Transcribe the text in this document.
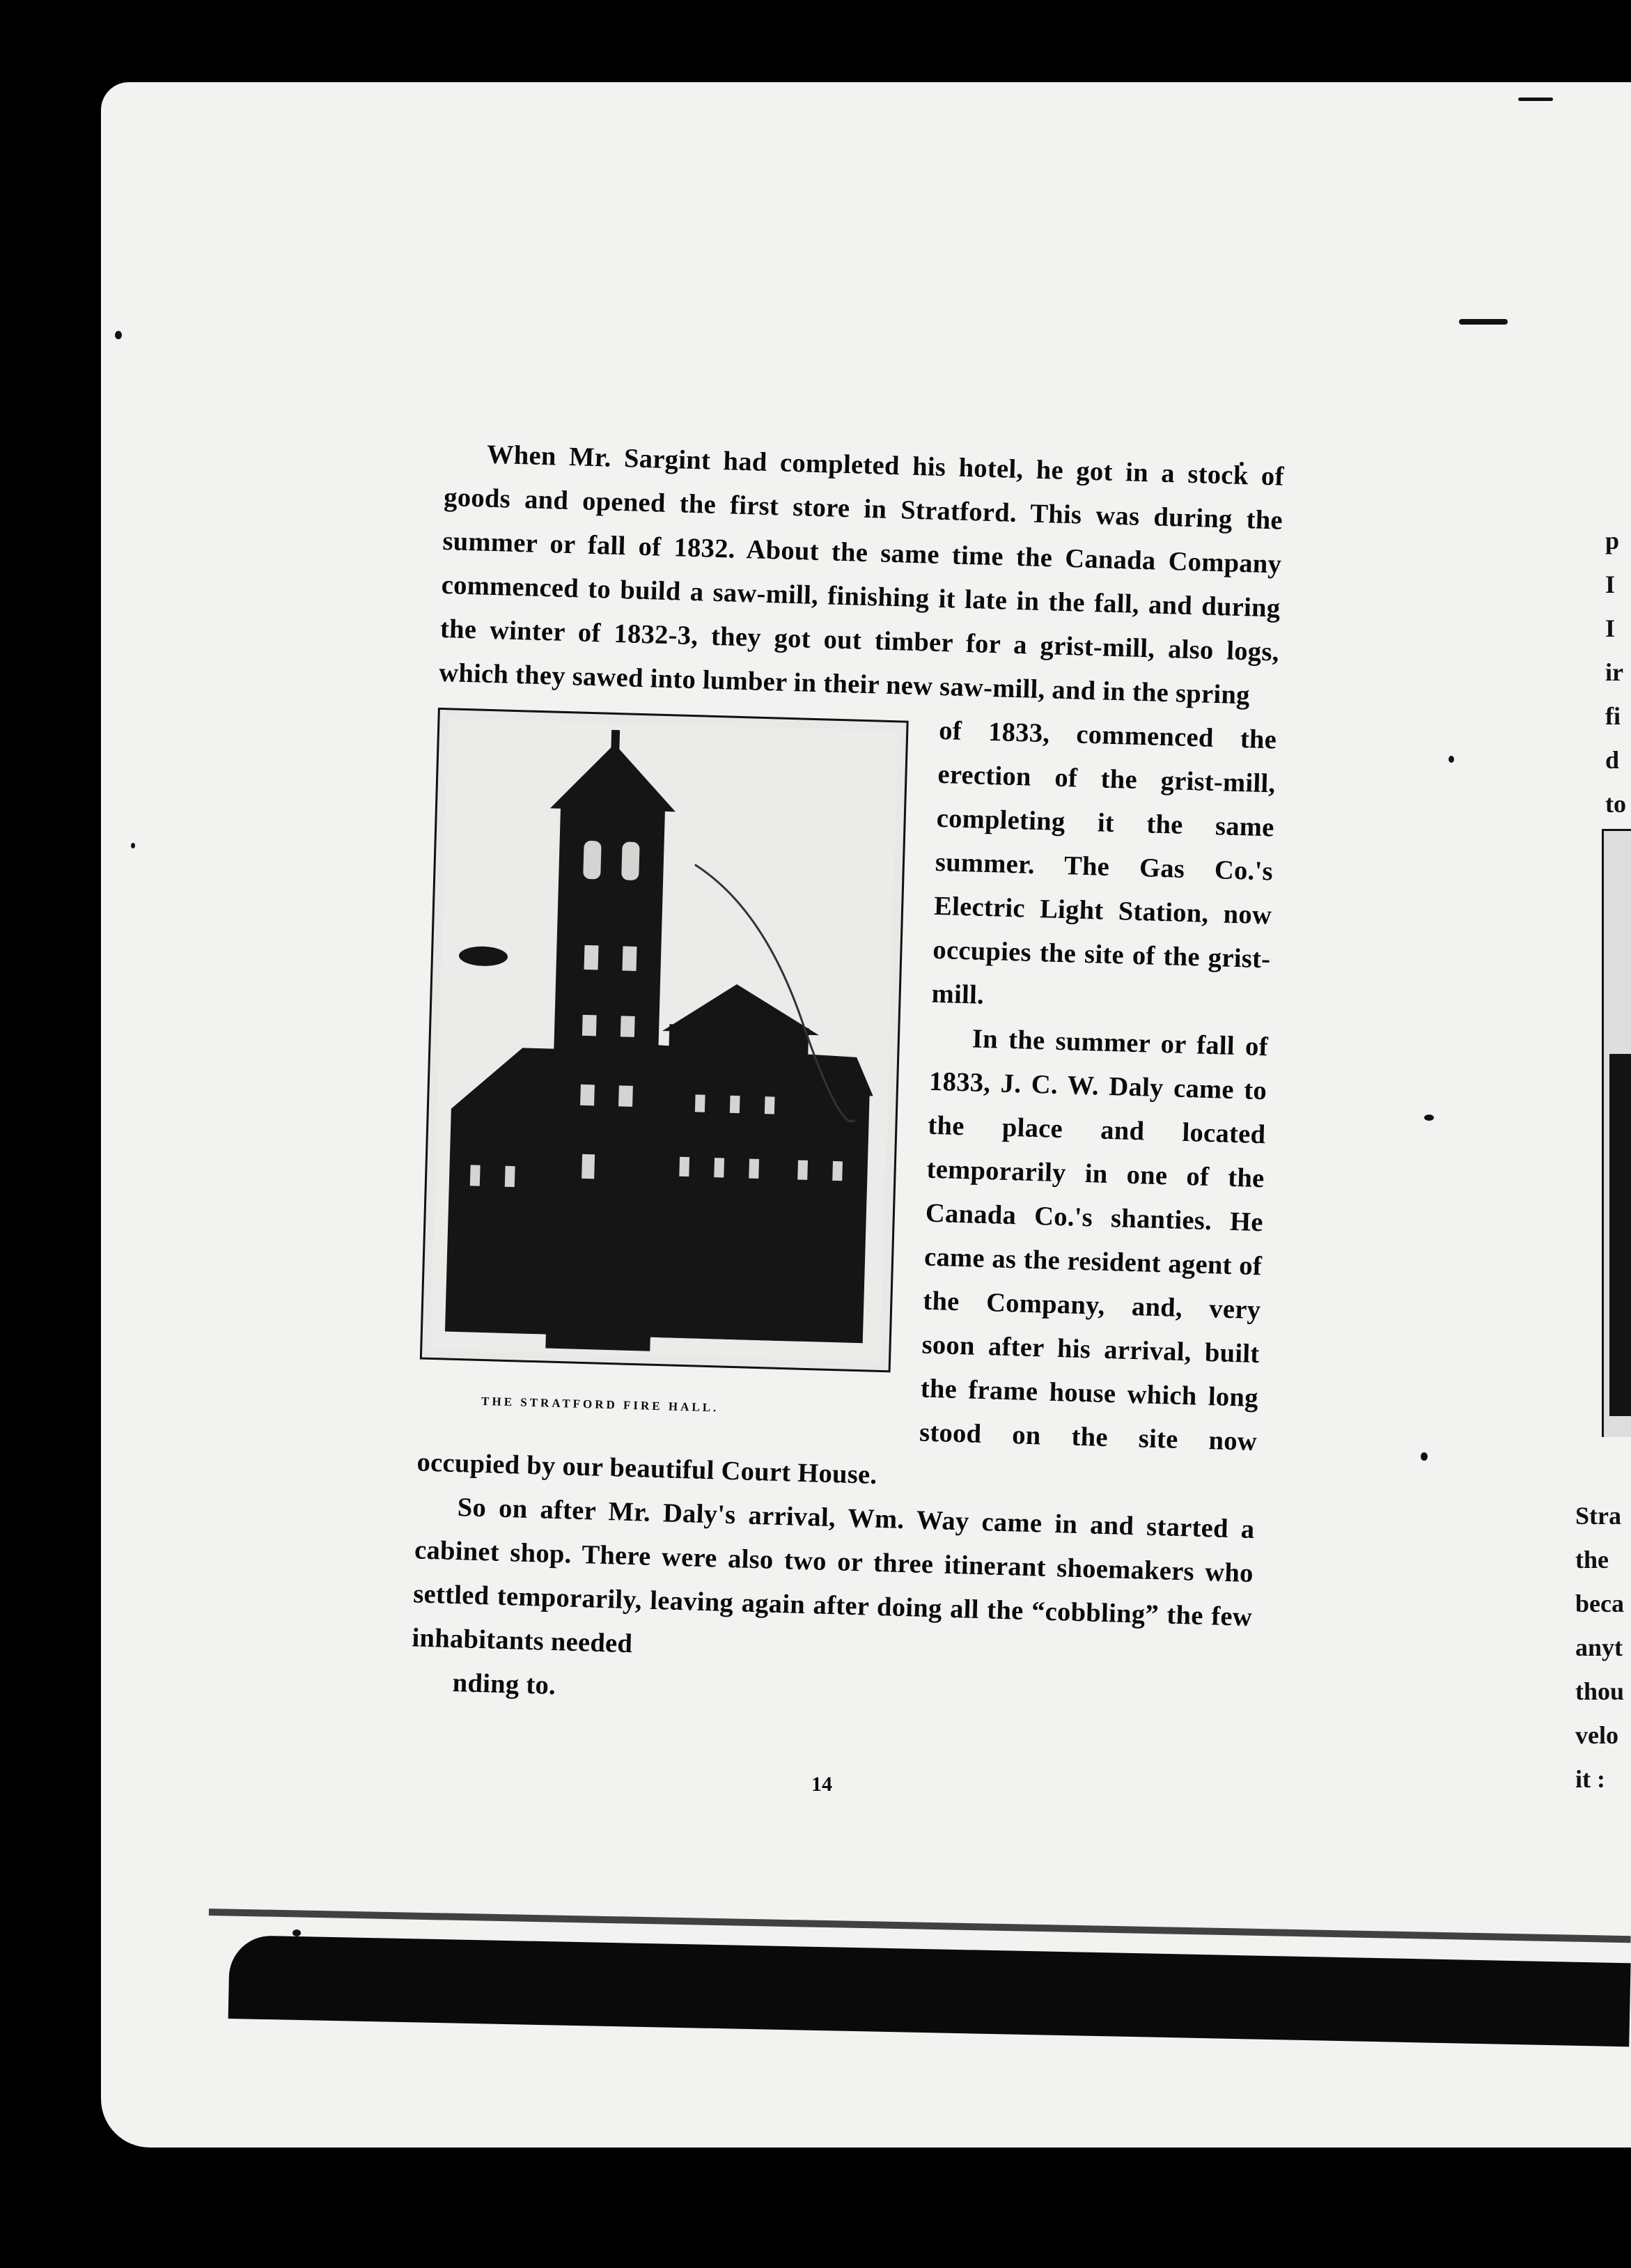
When Mr. Sargint had completed his hotel, he got in a stock of goods and opened the first store in Stratford. This was during the summer or fall of 1832. About the same time the Canada Company commenced to build a saw-mill, finishing it late in the fall, and during the winter of 1832-3, they got out timber for a grist-mill, also logs, which they sawed into lumber in their new saw-mill, and in the spring
THE STRATFORD FIRE HALL.
of 1833, commenced the erection of the grist-mill, completing it the same summer. The Gas Co.'s Electric Light Station, now occupies the site of the grist-mill.

In the summer or fall of 1833, J. C. W. Daly came to the place and located temporarily in one of the Canada Co.'s shanties. He came as the resident agent of the Company, and, very soon after his arrival, built the frame house which long stood on the site now occupied by our beautiful Court House.

So on after Mr. Daly's arrival, Wm. Way came in and started a cabinet shop. There were also two or three itinerant shoemakers who settled temporarily, leaving again after doing all the “cobbling” the few inhabitants needed

nding to.

14
p
I
I
ir
fi
d
to
Stra
the
beca
anyt
thou
velo
it :
